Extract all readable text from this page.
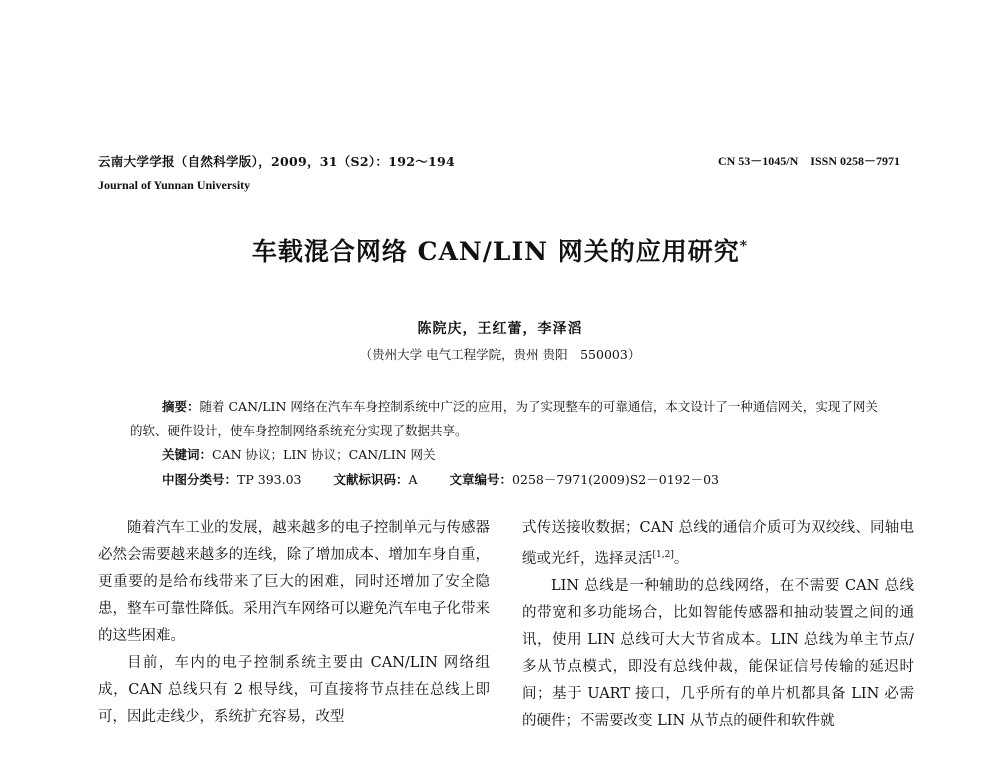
云南大学学报（自然科学版），2009，31（S2）：192～194
Journal of Yunnan University
CN 53－1045/N　ISSN 0258－7971
车载混合网络 CAN/LIN 网关的应用研究*
陈院庆，王红蕾，李泽滔
（贵州大学 电气工程学院，贵州 贵阳　550003）
摘要：随着 CAN/LIN 网络在汽车车身控制系统中广泛的应用，为了实现整车的可靠通信，本文设计了一种通信网关，实现了网关的软、硬件设计，使车身控制网络系统充分实现了数据共享。
关键词：CAN 协议；LIN 协议；CAN/LIN 网关
中图分类号：TP 393.03	文献标识码：A	文章编号：0258－7971(2009)S2－0192－03

随着汽车工业的发展，越来越多的电子控制单元与传感器必然会需要越来越多的连线，除了增加成本、增加车身自重，更重要的是给布线带来了巨大的困难，同时还增加了安全隐患，整车可靠性降低。采用汽车网络可以避免汽车电子化带来的这些困难。

目前，车内的电子控制系统主要由 CAN/LIN 网络组成，CAN 总线只有 2 根导线，可直接将节点挂在总线上即可，因此走线少，系统扩充容易，改型

式传送接收数据；CAN 总线的通信介质可为双绞线、同轴电缆或光纤，选择灵活[1,2]。

LIN 总线是一种辅助的总线网络，在不需要 CAN 总线的带宽和多功能场合，比如智能传感器和抽动装置之间的通讯，使用 LIN 总线可大大节省成本。LIN 总线为单主节点/多从节点模式，即没有总线仲裁，能保证信号传输的延迟时间；基于 UART 接口，几乎所有的单片机都具备 LIN 必需的硬件；不需要改变 LIN 从节点的硬件和软件就
